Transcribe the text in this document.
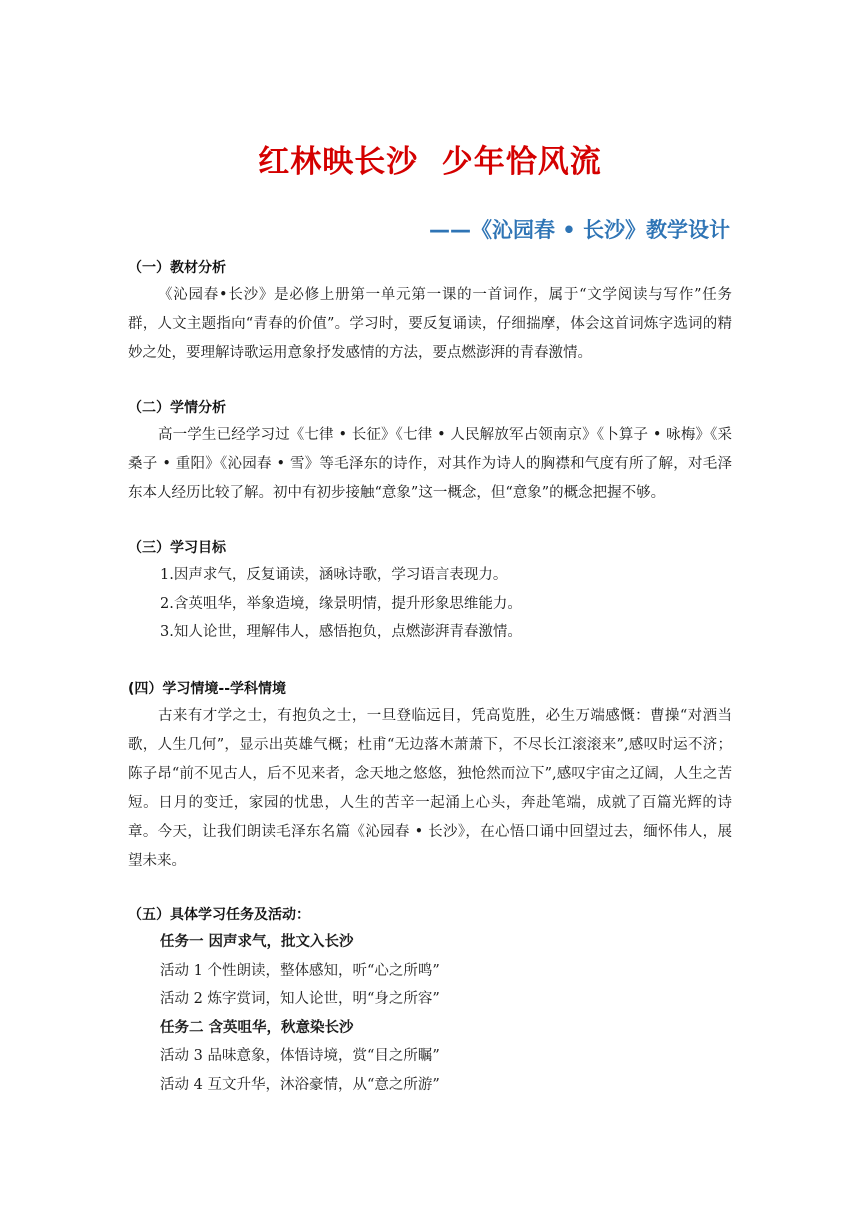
红林映长沙  少年恰风流
——《沁园春 • 长沙》教学设计
（一）教材分析
《沁园春•长沙》是必修上册第一单元第一课的一首词作，属于“文学阅读与写作”任务群，人文主题指向“青春的价值”。学习时，要反复诵读，仔细揣摩，体会这首词炼字选词的精妙之处，要理解诗歌运用意象抒发感情的方法，要点燃澎湃的青春激情。
（二）学情分析
高一学生已经学习过《七律 • 长征》《七律 • 人民解放军占领南京》《卜算子 • 咏梅》《采桑子 • 重阳》《沁园春 • 雪》等毛泽东的诗作，对其作为诗人的胸襟和气度有所了解，对毛泽东本人经历比较了解。初中有初步接触“意象”这一概念，但“意象”的概念把握不够。
（三）学习目标
1.因声求气，反复诵读，涵咏诗歌，学习语言表现力。
2.含英咀华，举象造境，缘景明情，提升形象思维能力。
3.知人论世，理解伟人，感悟抱负，点燃澎湃青春激情。
(四）学习情境--学科情境
古来有才学之士，有抱负之士，一旦登临远目，凭高览胜，必生万端感慨：曹操“对酒当歌，人生几何”，显示出英雄气概；杜甫“无边落木萧萧下，不尽长江滚滚来”,感叹时运不济；陈子昂“前不见古人，后不见来者，念天地之悠悠，独怆然而泣下”,感叹宇宙之辽阔，人生之苦短。日月的变迁，家园的忧患，人生的苦辛一起涌上心头，奔赴笔端，成就了百篇光辉的诗章。今天，让我们朗读毛泽东名篇《沁园春 • 长沙》，在心悟口诵中回望过去，缅怀伟人，展望未来。
（五）具体学习任务及活动：
任务一 因声求气，批文入长沙
活动 1 个性朗读，整体感知，听“心之所鸣”
活动 2 炼字赏词，知人论世，明“身之所容”
任务二 含英咀华，秋意染长沙
活动 3 品味意象，体悟诗境，赏“目之所瞩”
活动 4 互文升华，沐浴豪情，从“意之所游”
